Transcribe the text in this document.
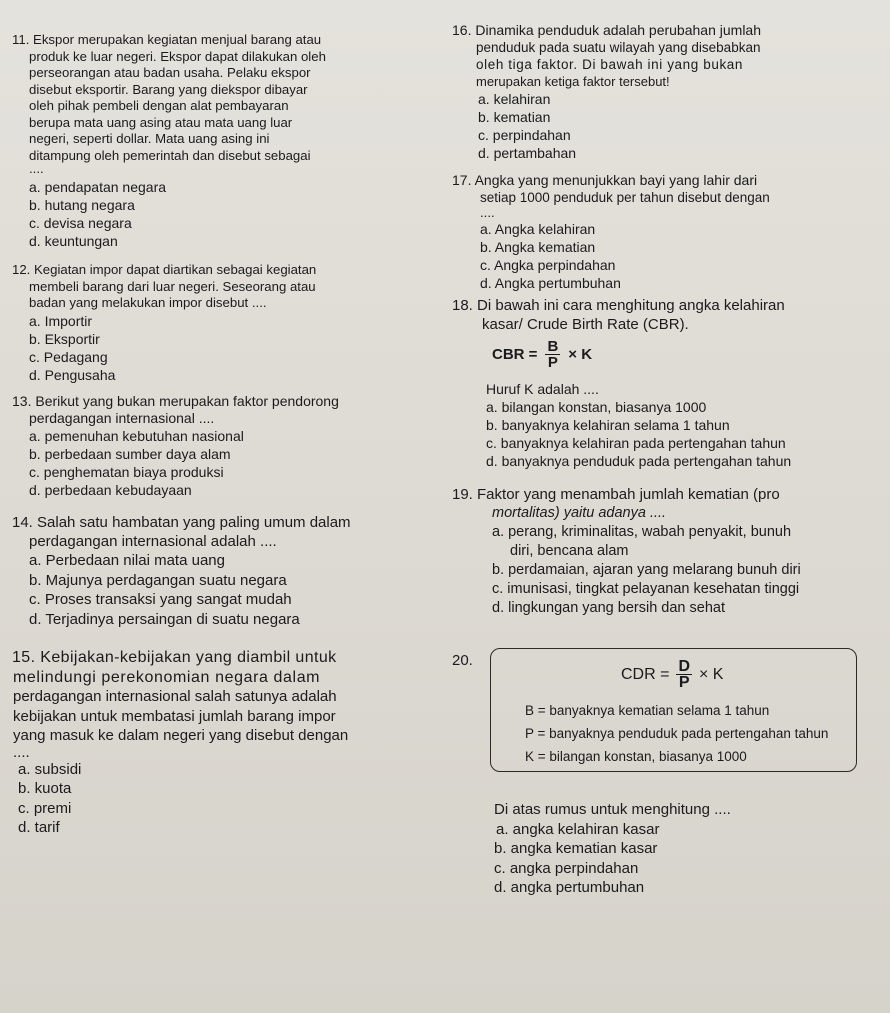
11. Ekspor merupakan kegiatan menjual barang atau
produk ke luar negeri. Ekspor dapat dilakukan oleh
perseorangan atau badan usaha. Pelaku ekspor
disebut eksportir. Barang yang diekspor dibayar
oleh pihak pembeli dengan alat pembayaran
berupa mata uang asing atau mata uang luar
negeri, seperti dollar. Mata uang asing ini
ditampung oleh pemerintah dan disebut sebagai
....
a. pendapatan negara
b. hutang negara
c. devisa negara
d. keuntungan
12. Kegiatan impor dapat diartikan sebagai kegiatan
membeli barang dari luar negeri. Seseorang atau
badan yang melakukan impor disebut ....
a. Importir
b. Eksportir
c. Pedagang
d. Pengusaha
13. Berikut yang bukan merupakan faktor pendorong
perdagangan internasional ....
a. pemenuhan kebutuhan nasional
b. perbedaan sumber daya alam
c. penghematan biaya produksi
d. perbedaan kebudayaan
14. Salah satu hambatan yang paling umum dalam
perdagangan internasional adalah ....
a. Perbedaan nilai mata uang
b. Majunya perdagangan suatu negara
c. Proses transaksi yang sangat mudah
d. Terjadinya persaingan di suatu negara
15. Kebijakan-kebijakan yang diambil untuk
melindungi perekonomian negara dalam
perdagangan internasional salah satunya adalah
kebijakan untuk membatasi jumlah barang impor
yang masuk ke dalam negeri yang disebut dengan
....
a. subsidi
b. kuota
c. premi
d. tarif
16. Dinamika penduduk adalah perubahan jumlah
penduduk pada suatu wilayah yang disebabkan
oleh tiga faktor. Di bawah ini yang bukan
merupakan ketiga faktor tersebut!
a. kelahiran
b. kematian
c. perpindahan
d. pertambahan
17. Angka yang menunjukkan bayi yang lahir dari
setiap 1000 penduduk per tahun disebut dengan
....
a. Angka kelahiran
b. Angka kematian
c. Angka perpindahan
d. Angka pertumbuhan
18. Di bawah ini cara menghitung angka kelahiran
kasar/ Crude Birth Rate (CBR).
CBR = $\frac{B}{P} \times K$
Huruf K adalah ....
a. bilangan konstan, biasanya 1000
b. banyaknya kelahiran selama 1 tahun
c. banyaknya kelahiran pada pertengahan tahun
d. banyaknya penduduk pada pertengahan tahun
19. Faktor yang menambah jumlah kematian (pro
mortalitas) yaitu adanya ....
a. perang, kriminalitas, wabah penyakit, bunuh
diri, bencana alam
b. perdamaian, ajaran yang melarang bunuh diri
c. imunisasi, tingkat pelayanan kesehatan tinggi
d. lingkungan yang bersih dan sehat
20.
CDR = $\frac{D}{P} \times K$
B = banyaknya kematian selama 1 tahun
P = banyaknya penduduk pada pertengahan tahun
K = bilangan konstan, biasanya 1000
Di atas rumus untuk menghitung ....
a. angka kelahiran kasar
b. angka kematian kasar
c. angka perpindahan
d. angka pertumbuhan
